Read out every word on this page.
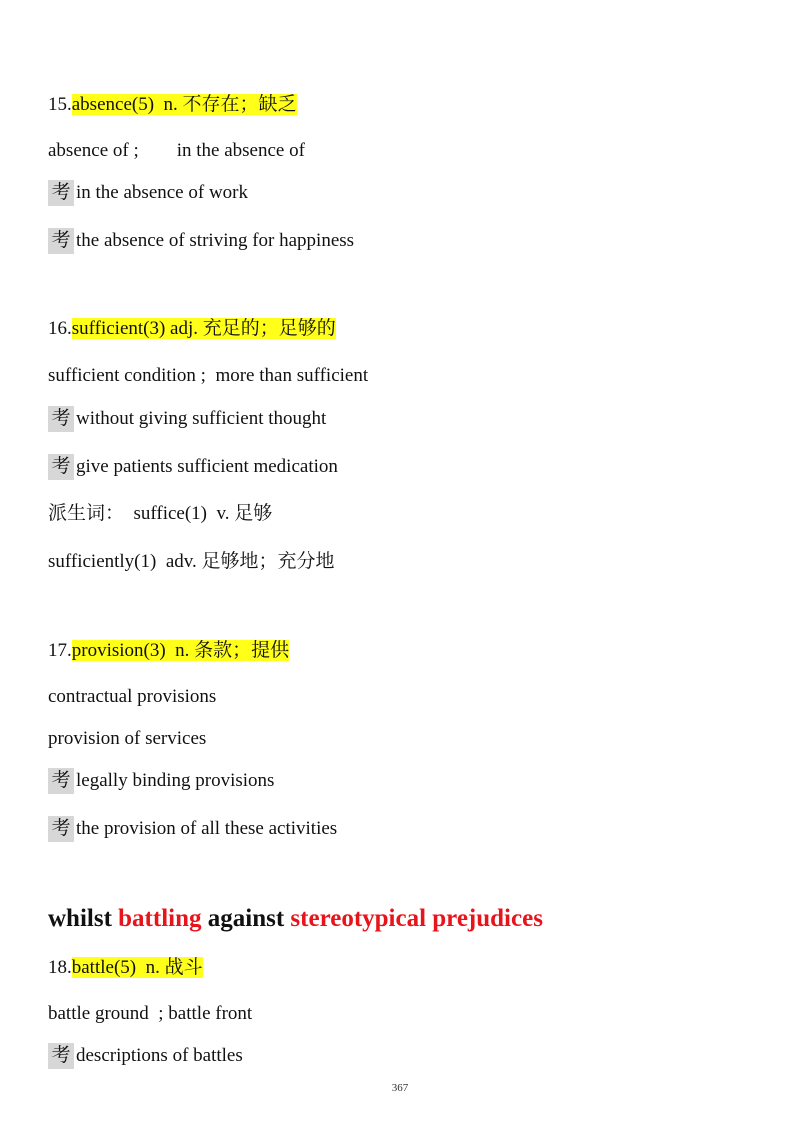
15.absence(5)  n. 不存在；缺乏
absence of ; in the absence of
考 in the absence of work
考 the absence of striving for happiness
16.sufficient(3) adj. 充足的；足够的
sufficient condition ;  more than sufficient
考 without giving sufficient thought
考 give patients sufficient medication
派生词：  suffice(1)  v. 足够
sufficiently(1)  adv. 足够地；充分地
17.provision(3)  n. 条款；提供
contractual provisions
provision of services
考 legally binding provisions
考 the provision of all these activities
whilst battling against stereotypical prejudices
18.battle(5)  n. 战斗
battle ground  ; battle front
考 descriptions of battles
367
